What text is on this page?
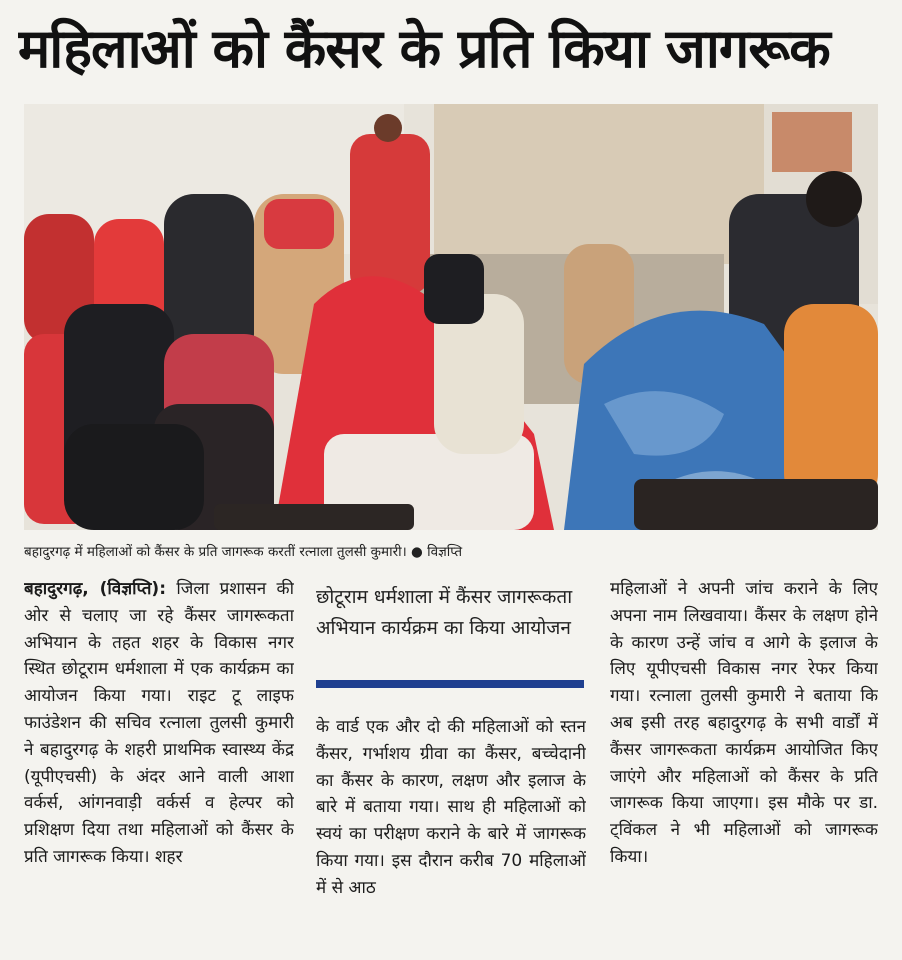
महिलाओं को कैंसर के प्रति किया जागरूक
बहादुरगढ़ में महिलाओं को कैंसर के प्रति जागरूक करतीं रत्नाला तुलसी कुमारी। ● विज्ञप्ति
बहादुरगढ़, (विज्ञप्ति): जिला प्रशासन की ओर से चलाए जा रहे कैंसर जागरूकता अभियान के तहत शहर के विकास नगर स्थित छोटूराम धर्मशाला में एक कार्यक्रम का आयोजन किया गया। राइट टू लाइफ फाउंडेशन की सचिव रत्नाला तुलसी कुमारी ने बहादुरगढ़ के शहरी प्राथमिक स्वास्थ्य केंद्र (यूपीएचसी) के अंदर आने वाली आशा वर्कर्स, आंगनवाड़ी वर्कर्स व हेल्पर को प्रशिक्षण दिया तथा महिलाओं को कैंसर के प्रति जागरूक किया। शहर
छोटूराम धर्मशाला में कैंसर जागरूकता अभियान कार्यक्रम का किया आयोजन
के वार्ड एक और दो की महिलाओं को स्तन कैंसर, गर्भाशय ग्रीवा का कैंसर, बच्चेदानी का कैंसर के कारण, लक्षण और इलाज के बारे में बताया गया। साथ ही महिलाओं को स्वयं का परीक्षण कराने के बारे में जागरूक किया गया। इस दौरान करीब 70 महिलाओं में से आठ
महिलाओं ने अपनी जांच कराने के लिए अपना नाम लिखवाया। कैंसर के लक्षण होने के कारण उन्हें जांच व आगे के इलाज के लिए यूपीएचसी विकास नगर रेफर किया गया। रत्नाला तुलसी कुमारी ने बताया कि अब इसी तरह बहादुरगढ़ के सभी वार्डों में कैंसर जागरूकता कार्यक्रम आयोजित किए जाएंगे और महिलाओं को कैंसर के प्रति जागरूक किया जाएगा। इस मौके पर डा. ट्विंकल ने भी महिलाओं को जागरूक किया।
